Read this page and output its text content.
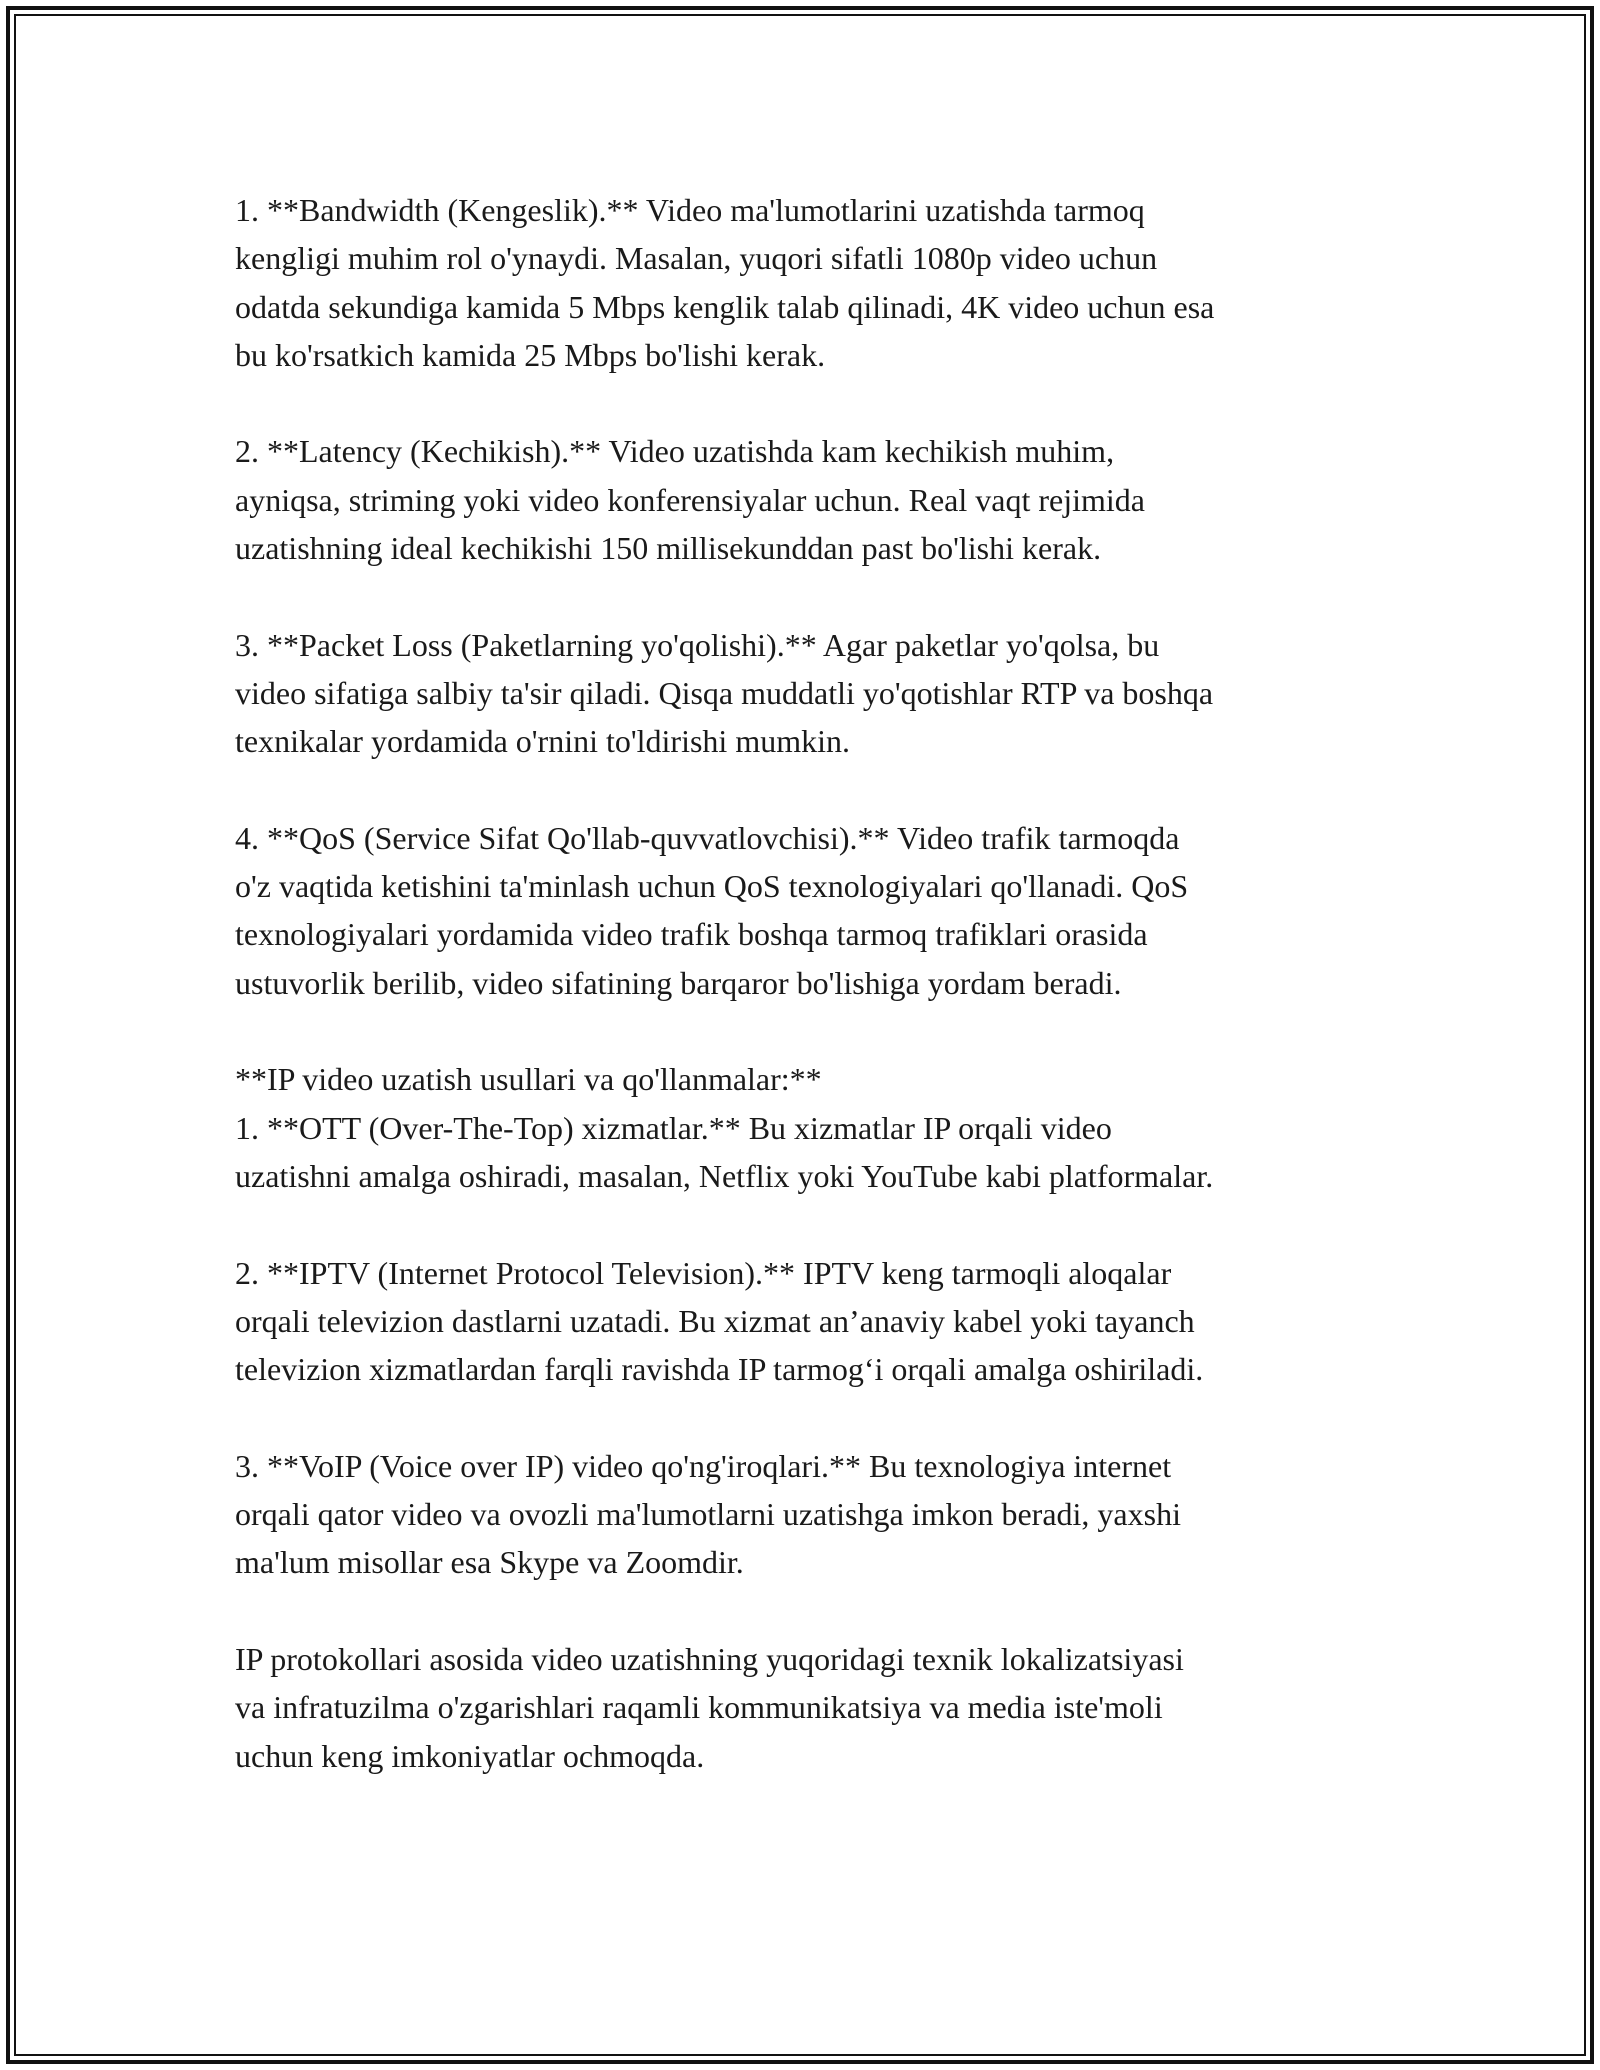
1. **Bandwidth (Kengeslik).** Video ma'lumotlarini uzatishda tarmoq
kengligi muhim rol o'ynaydi. Masalan, yuqori sifatli 1080p video uchun
odatda sekundiga kamida 5 Mbps kenglik talab qilinadi, 4K video uchun esa
bu ko'rsatkich kamida 25 Mbps bo'lishi kerak.
2. **Latency (Kechikish).** Video uzatishda kam kechikish muhim,
ayniqsa, striming yoki video konferensiyalar uchun. Real vaqt rejimida
uzatishning ideal kechikishi 150 millisekunddan past bo'lishi kerak.
3. **Packet Loss (Paketlarning yo'qolishi).** Agar paketlar yo'qolsa, bu
video sifatiga salbiy ta'sir qiladi. Qisqa muddatli yo'qotishlar RTP va boshqa
texnikalar yordamida o'rnini to'ldirishi mumkin.
4. **QoS (Service Sifat Qo'llab-quvvatlovchisi).** Video trafik tarmoqda
o'z vaqtida ketishini ta'minlash uchun QoS texnologiyalari qo'llanadi. QoS
texnologiyalari yordamida video trafik boshqa tarmoq trafiklari orasida
ustuvorlik berilib, video sifatining barqaror bo'lishiga yordam beradi.
**IP video uzatish usullari va qo'llanmalar:**
1. **OTT (Over-The-Top) xizmatlar.** Bu xizmatlar IP orqali video
uzatishni amalga oshiradi, masalan, Netflix yoki YouTube kabi platformalar.
2. **IPTV (Internet Protocol Television).** IPTV keng tarmoqli aloqalar
orqali televizion dastlarni uzatadi. Bu xizmat an’anaviy kabel yoki tayanch
televizion xizmatlardan farqli ravishda IP tarmog‘i orqali amalga oshiriladi.
3. **VoIP (Voice over IP) video qo'ng'iroqlari.** Bu texnologiya internet
orqali qator video va ovozli ma'lumotlarni uzatishga imkon beradi, yaxshi
ma'lum misollar esa Skype va Zoomdir.
IP protokollari asosida video uzatishning yuqoridagi texnik lokalizatsiyasi
va infratuzilma o'zgarishlari raqamli kommunikatsiya va media iste'moli
uchun keng imkoniyatlar ochmoqda.
